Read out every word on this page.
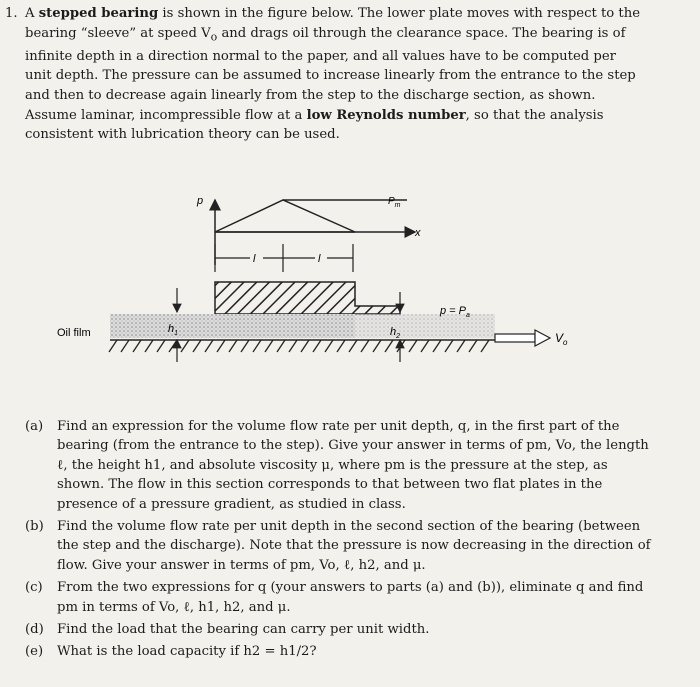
1. A stepped bearing is shown in the figure below. The lower plate moves with respect to the bearing “sleeve” at speed $V_o$ and drags oil through the clearance space. The bearing is of infinite depth in a direction normal to the paper, and all values have to be computed per unit depth. The pressure can be assumed to increase linearly from the entrance to the step and then to decrease again linearly from the step to the discharge section, as shown. Assume laminar, incompressible flow at a low Reynolds number, so that the analysis consistent with lubrication theory can be used.
p	$P_m$
x
l	l
$h_1$	$h_2$
$p = P_a$
Oil film	$V_o$
(a) Find an expression for the volume flow rate per unit depth, q, in the first part of the bearing (from the entrance to the step). Give your answer in terms of pm, Vo, the length ℓ, the height h1, and absolute viscosity μ, where pm is the pressure at the step, as shown. The flow in this section corresponds to that between two flat plates in the presence of a pressure gradient, as studied in class.
(b) Find the volume flow rate per unit depth in the second section of the bearing (between the step and the discharge). Note that the pressure is now decreasing in the direction of flow. Give your answer in terms of pm, Vo, ℓ, h2, and μ.
(c) From the two expressions for q (your answers to parts (a) and (b)), eliminate q and find pm in terms of Vo, ℓ, h1, h2, and μ.
(d) Find the load that the bearing can carry per unit width.
(e) What is the load capacity if h2 = h1/2?
